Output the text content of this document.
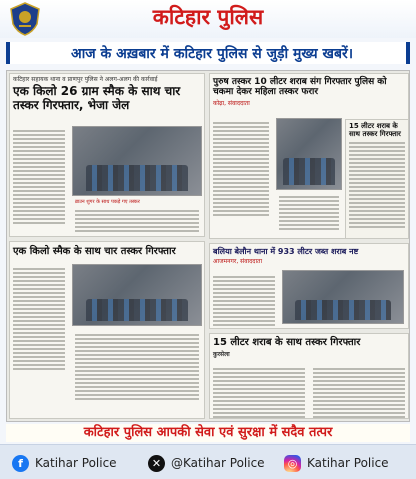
कटिहार पुलिस
आज के अख़बार में कटिहार पुलिस से जुड़ी मुख्य खबरें।
कटिहार सहायक थाना व प्राणपुर पुलिस ने अलग-अलग की कार्रवाई
एक किलो 26 ग्राम स्मैक के साथ चार तस्कर गिरफ्तार, भेजा जेल
ब्राउन शुगर के साथ पकड़े गए तस्कर
एक किलो स्मैक के साथ चार तस्कर गिरफ्तार
पुरुष तस्कर 10 लीटर शराब संग गिरफ्तार पुलिस को चकमा देकर महिला तस्कर फरार
कोढ़ा, संवाददाता
15 लीटर शराब के साथ तस्कर गिरफ्तार
बलिया बेलौन थाना में 933 लीटर जब्त शराब नष्ट
आजमनगर, संवाददाता
15 लीटर शराब के साथ तस्कर गिरफ्तार
कुरसेला
कटिहार पुलिस आपकी सेवा एवं सुरक्षा में सदैव तत्पर
f	Katihar Police	✕ @Katihar Police	◎ Katihar Police
